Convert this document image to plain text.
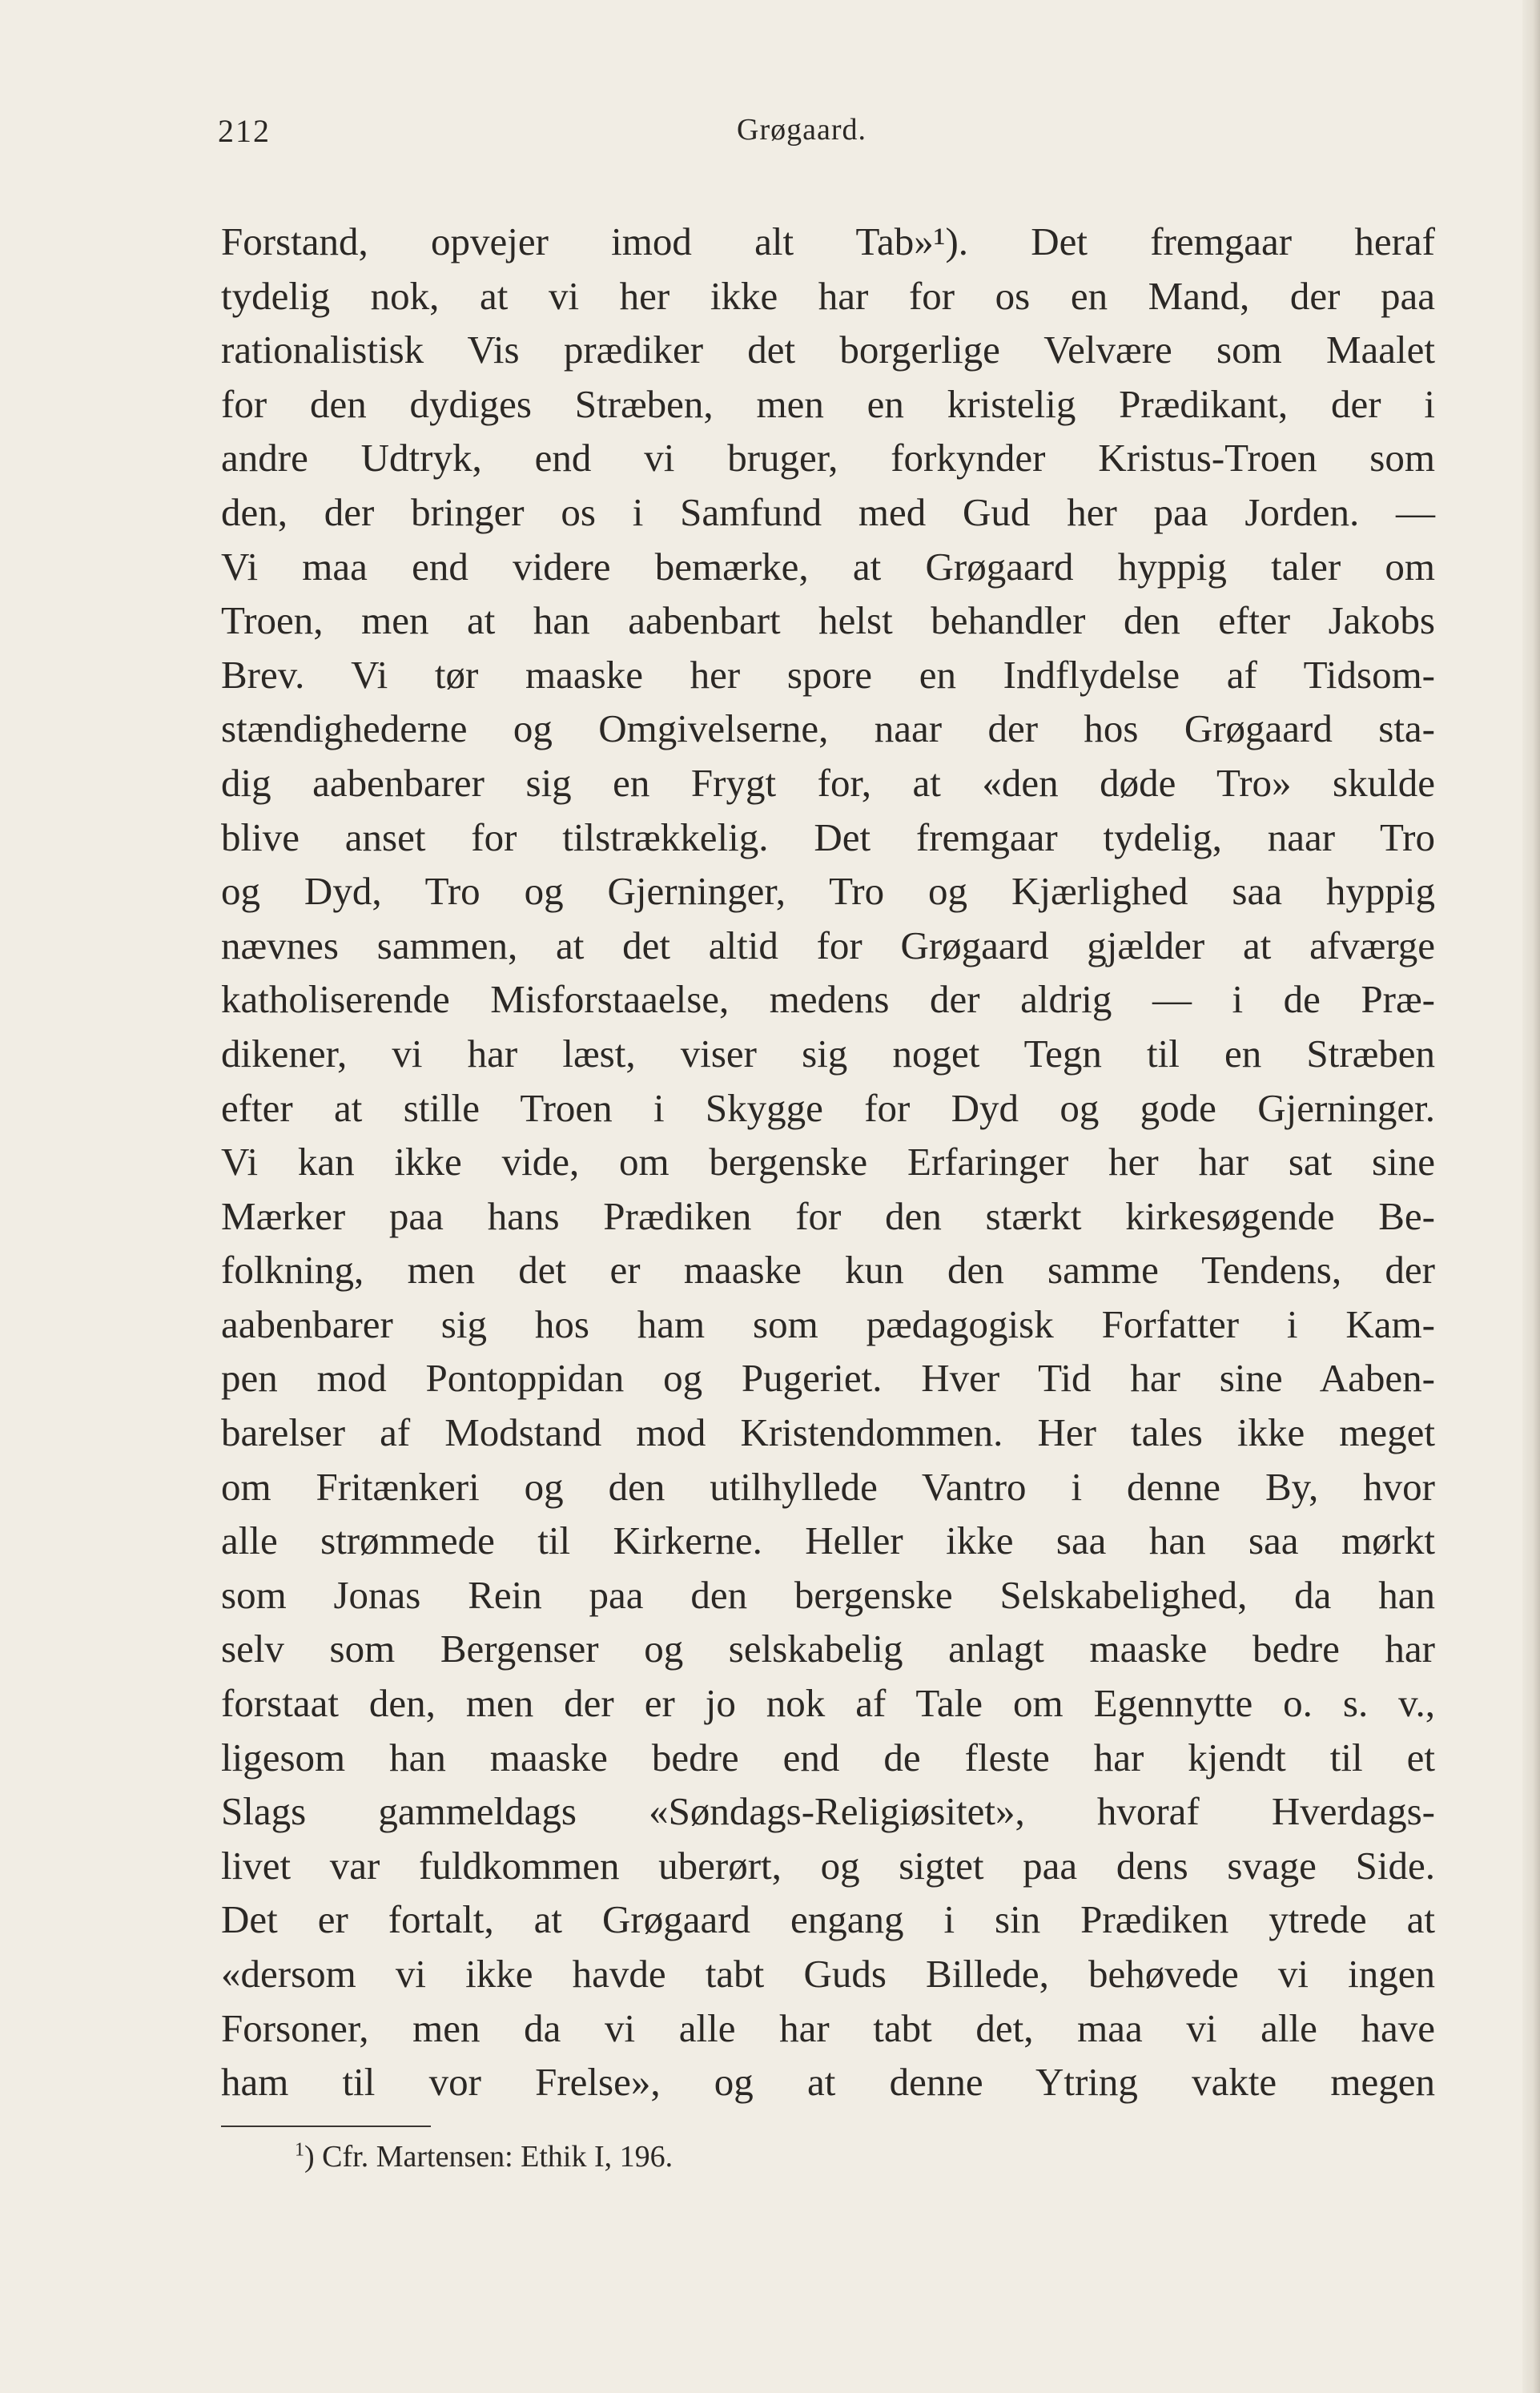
212	Grøgaard.
Forstand, opvejer imod alt Tab»¹). Det fremgaar heraf
tydelig nok, at vi her ikke har for os en Mand, der paa
rationalistisk Vis prædiker det borgerlige Velvære som Maalet
for den dydiges Stræben, men en kristelig Prædikant, der i
andre Udtryk, end vi bruger, forkynder Kristus-Troen som
den, der bringer os i Samfund med Gud her paa Jorden. —
Vi maa end videre bemærke, at Grøgaard hyppig taler om
Troen, men at han aabenbart helst behandler den efter Jakobs
Brev. Vi tør maaske her spore en Indflydelse af Tidsom-
stændighederne og Omgivelserne, naar der hos Grøgaard sta-
dig aabenbarer sig en Frygt for, at «den døde Tro» skulde
blive anset for tilstrækkelig. Det fremgaar tydelig, naar Tro
og Dyd, Tro og Gjerninger, Tro og Kjærlighed saa hyppig
nævnes sammen, at det altid for Grøgaard gjælder at afværge
katholiserende Misforstaaelse, medens der aldrig — i de Præ-
dikener, vi har læst, viser sig noget Tegn til en Stræben
efter at stille Troen i Skygge for Dyd og gode Gjerninger.
Vi kan ikke vide, om bergenske Erfaringer her har sat sine
Mærker paa hans Prædiken for den stærkt kirkesøgende Be-
folkning, men det er maaske kun den samme Tendens, der
aabenbarer sig hos ham som pædagogisk Forfatter i Kam-
pen mod Pontoppidan og Pugeriet. Hver Tid har sine Aaben-
barelser af Modstand mod Kristendommen. Her tales ikke meget
om Fritænkeri og den utilhyllede Vantro i denne By, hvor
alle strømmede til Kirkerne. Heller ikke saa han saa mørkt
som Jonas Rein paa den bergenske Selskabelighed, da han
selv som Bergenser og selskabelig anlagt maaske bedre har
forstaat den, men der er jo nok af Tale om Egennytte o. s. v.,
ligesom han maaske bedre end de fleste har kjendt til et
Slags gammeldags «Søndags-Religiøsitet», hvoraf Hverdags-
livet var fuldkommen uberørt, og sigtet paa dens svage Side.
Det er fortalt, at Grøgaard engang i sin Prædiken ytrede at
«dersom vi ikke havde tabt Guds Billede, behøvede vi ingen
Forsoner, men da vi alle har tabt det, maa vi alle have
ham til vor Frelse», og at denne Ytring vakte megen
$^1$) Cfr. Martensen: Ethik I, 196.
